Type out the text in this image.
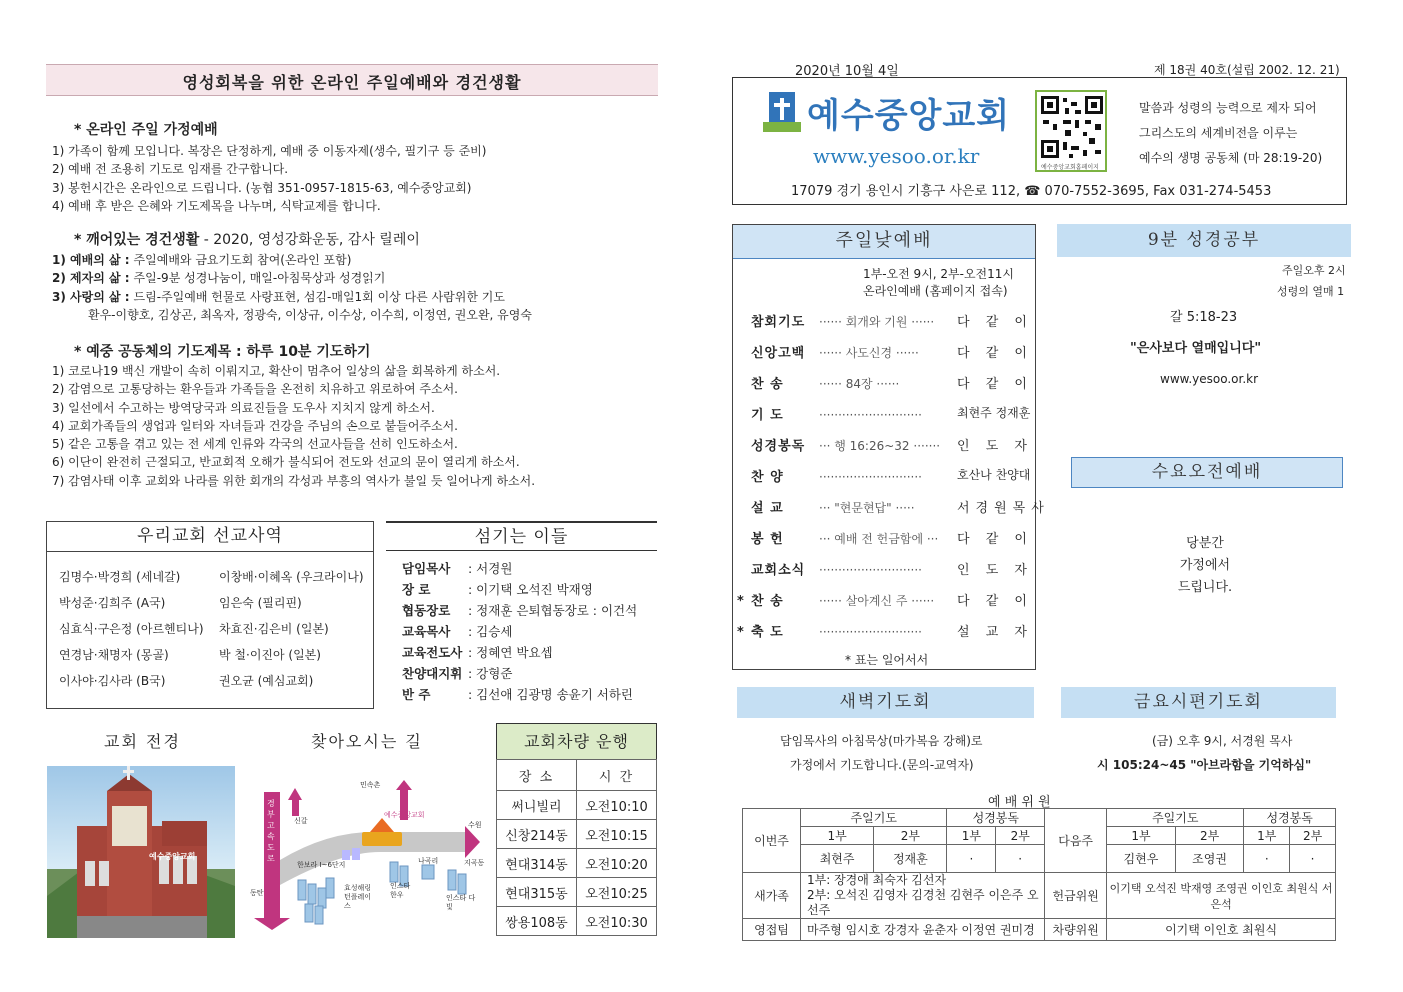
영성회복을 위한 온라인 주일예배와 경건생활
* 온라인 주일 가정예배
1) 가족이 함께 모입니다. 복장은 단정하게, 예배 중 이동자제(생수, 필기구 등 준비)
2) 예배 전 조용히 기도로 임재를 간구합니다.
3) 봉헌시간은 온라인으로 드립니다. (농협 351-0957-1815-63, 예수중앙교회)
4) 예배 후 받은 은혜와 기도제목을 나누며, 식탁교제를 합니다.
* 깨어있는 경건생활 - 2020, 영성강화운동, 감사 릴레이
1) 예배의 삶 : 주일예배와 금요기도회 참여(온라인 포함)
2) 제자의 삶 : 주일-9분 성경나눔이, 매일-아침묵상과 성경읽기
3) 사랑의 삶 : 드림-주일예배 헌물로 사랑표현, 섬김-매일1회 이상 다른 사람위한 기도
환우-이향호, 김상곤, 최옥자, 정광숙, 이상규, 이수상, 이수희, 이정연, 권오완, 유영숙
* 예중 공동체의 기도제목 : 하루 10분 기도하기
1) 코로나19 백신 개발이 속히 이뤄지고, 확산이 멈추어 일상의 삶을 회복하게 하소서.
2) 감염으로 고통당하는 환우들과 가족들을 온전히 치유하고 위로하여 주소서.
3) 일선에서 수고하는 방역당국과 의료진들을 도우사 지치지 않게 하소서.
4) 교회가족들의 생업과 일터와 자녀들과 건강을 주님의 손으로 붙들어주소서.
5) 같은 고통을 겪고 있는 전 세계 인류와 각국의 선교사들을 선히 인도하소서.
6) 이단이 완전히 근절되고, 반교회적 오해가 불식되어 전도와 선교의 문이 열리게 하소서.
7) 감염사태 이후 교회와 나라를 위한 회개의 각성과 부흥의 역사가 불일 듯 일어나게 하소서.
우리교회 선교사역
김명수·박경희 (세네갈)	이창배·이혜옥 (우크라이나)
박성준·김희주 (A국)	임은숙 (필리핀)
심효식·구은정 (아르헨티나) 차효진·김은비 (일본)
연경남·채명자 (몽골)	박 철·이진아 (일본)
이사야·김사라 (B국)	권오균 (예심교회)
섬기는 이들
담임목사 : 서경원
장 로	: 이기택 오석진 박재영
협동장로 : 정재훈 은퇴협동장로 : 이건석
교육목사 : 김승세
교육전도사 : 정혜연 박요셉
찬양대지휘 : 강형준
반 주	: 김선애 김광명 송윤기 서하린
교회 전경
예수중앙교회
찾아오시는 길
경부고속도로
신갈
한보라 I~6단지
효성해링턴플레이스
인스타 한우
예수중앙교회
수원
지곡동
나곡리
인스타 다빛
민속촌
동탄
교회차량 운행
장 소	시 간
써니빌리	오전10:10
신창214동	오전10:15
현대314동	오전10:20
현대315동	오전10:25
쌍용108동	오전10:30
2020년 10월 4일	제 18권 40호(설립 2002. 12. 21)
예수중앙교회
www.yesoo.or.kr	예수중앙교회홈페이지
말씀과 성령의 능력으로 제자 되어
그리스도의 세계비전을 이루는
예수의 생명 공동체 (마 28:19-20)
17079 경기 용인시 기흥구 사은로 112, ☎ 070-7552-3695, Fax 031-274-5453
주일낮예배
1부-오전 9시, 2부-오전11시
온라인예배 (홈페이지 접속)
참회기도 ······ 회개와 기원 ······ 다 같 이
신앙고백 ······ 사도신경 ······	다 같 이
찬 송	······ 84장 ······	다 같 이
기 도	···························	최현주 정재훈
성경봉독 ··· 행 16:26~32 ······· 인 도 자
찬 양	···························	호산나 찬양대
설 교	··· "현문현답" ·····	서경원목사
봉 헌	··· 예배 전 헌금함에 ··· 다 같 이
교회소식 ···························	인 도 자
* 찬 송	······ 살아계신 주 ······ 다 같 이
* 축 도	···························	설 교 자
* 표는 일어서서
9분 성경공부
주일오후 2시
성령의 열매 1
갈 5:18-23
"은사보다 열매입니다"
www.yesoo.or.kr
수요오전예배
당분간
가정에서
드립니다.
새벽기도회
담임목사의 아침묵상(마가복음 강해)로
가정에서 기도합니다.(문의-교역자)
금요시편기도회
(금) 오후 9시, 서경원 목사
시 105:24~45 "아브라함을 기억하심"
예 배 위 원
이번주	주일기도		성경봉독		다음주	주일기도		성경봉독	
	1부	2부	1부	2부		1부	2부	1부	2부
	최현주	정재훈	·	·		김현우	조영권	·	·
새가족	1부: 장경애 최숙자 김선자
2부: 오석진 김영자 김경천 김현주 이은주 오선주				헌금위원	이기택 오석진 박재영 조영권 이인호 최원식 서은석			
영접팀	마주형 임시호 강경자 윤춘자 이정연 권미경				차량위원	이기택 이인호 최원식			
